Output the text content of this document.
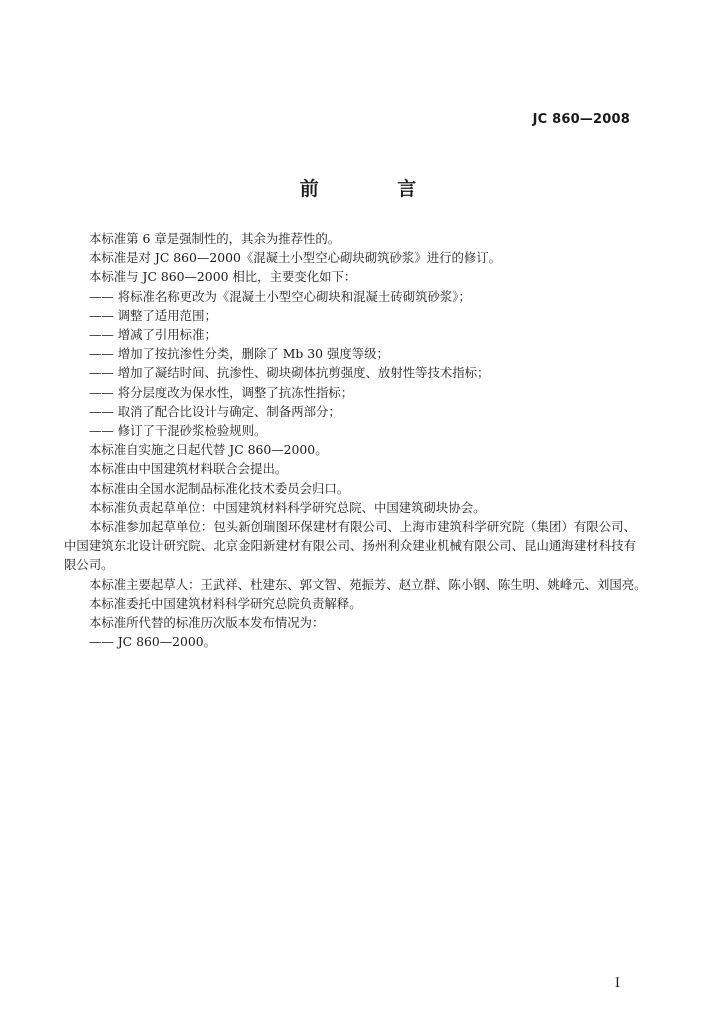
JC 860—2008
前 言

本标准第 6 章是强制性的，其余为推荐性的。

本标准是对 JC 860—2000《混凝土小型空心砌块砌筑砂浆》进行的修订。

本标准与 JC 860—2000 相比，主要变化如下：

—— 将标准名称更改为《混凝土小型空心砌块和混凝土砖砌筑砂浆》；

—— 调整了适用范围；

—— 增减了引用标准；

—— 增加了按抗渗性分类，删除了 Mb 30 强度等级；

—— 增加了凝结时间、抗渗性、砌块砌体抗剪强度、放射性等技术指标；

—— 将分层度改为保水性，调整了抗冻性指标；

—— 取消了配合比设计与确定、制备两部分；

—— 修订了干混砂浆检验规则。

本标准自实施之日起代替 JC 860—2000。

本标准由中国建筑材料联合会提出。

本标准由全国水泥制品标准化技术委员会归口。

本标准负责起草单位：中国建筑材料科学研究总院、中国建筑砌块协会。

本标准参加起草单位：包头新创瑞图环保建材有限公司、上海市建筑科学研究院（集团）有限公司、中国建筑东北设计研究院、北京金阳新建材有限公司、扬州利众建业机械有限公司、昆山通海建材科技有限公司。

本标准主要起草人：王武祥、杜建东、郭文智、苑振芳、赵立群、陈小钢、陈生明、姚峰元、刘国亮。

本标准委托中国建筑材料科学研究总院负责解释。

本标准所代替的标准历次版本发布情况为：

—— JC 860—2000。

I
